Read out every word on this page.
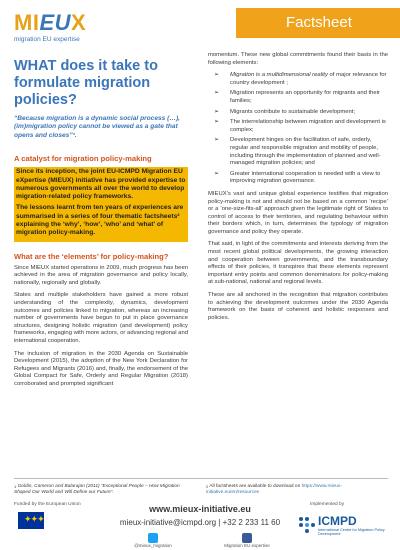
MIEUX
migration EU expertise
Factsheet
WHAT does it take to formulate migration policies?
“Because migration is a dynamic social process (…), (im)migration policy cannot be viewed as a gate that opens and closes”¹.
A catalyst for migration policy-making

Since its inception, the joint EU-ICMPD Migration EU eXpertise (MIEUX) initiative has provided expertise to numerous governments all over the world to develop migration-related policy frameworks.

The lessons learnt from ten years of experiences are summarised in a series of four thematic factsheets² explaining the ‘why’, ‘how’, ‘who’ and ‘what’ of migration policy-making.

What are the ‘elements’ for policy-making?

Since MIEUX started operations in 2009, much progress has been achieved in the area of migration governance and policy locally, nationally, regionally and globally.

States and multiple stakeholders have gained a more robust understanding of the complexity, dynamics, development outcomes and policies linked to migration, whereas an increasing number of governments have begun to put in place governance structures, designing holistic migration (and development) policy frameworks, engaging with more actors, or advancing regional and international cooperation.

The inclusion of migration in the 2030 Agenda on Sustainable Development (2015), the adoption of the New York Declaration for Refugees and Migrants (2016) and, finally, the endorsement of the Global Compact for Safe, Orderly and Regular Migration (2018) corroborated and prompted significant

momentum. These new global commitments found their basis in the following elements:

➢ Migration is a multidimensional reality of major relevance for country development ;
➢ Migration represents an opportunity for migrants and their families;
➢ Migrants contribute to sustainable development;
➢ The interrelationship between migration and development is complex;
➢ Development hinges on the facilitation of safe, orderly, regular and responsible migration and mobility of people, including through the implementation of planned and well-managed migration policies; and
➢ Greater international cooperation is needed with a view to improving migration governance.

MIEUX’s vast and unique global experience testifies that migration policy-making is not and should not be based on a common ‘recipe’ or a ‘one-size-fits-all’ approach given the legitimate right of States to control of access to their territories, and regulating behaviour within their borders which, in turn, determines the typology of migration governance and policy they operate.

That said, in light of the commitments and interests deriving from the most recent global political developments, the growing interaction and cooperation between governments, and the transboundary effects of their policies, it transpires that these elements represent important entry points and common denominators for policy-making at sub-national, national and regional levels.

These are all anchored in the recognition that migration contributes to achieving the development outcomes under the 2030 Agenda framework on the basis of coherent and holistic responses and policies.

$^1$ Goldin, Cameron and Balarajan (2011) “Exceptional People – How Migration Shaped Our World and Will Define our Future”.
$^2$ All factsheets are available to download on https://www.mieux-initiative.eu/en/resources
Funded by the European Union
✦✦✦
www.mieux-initiative.eu
mieux-initiative@icmpd.org | +32 2 233 11 60

@mieux_migration	Migration EU expertise
Implemented by
ICMPD
International Centre for Migration Policy Development
